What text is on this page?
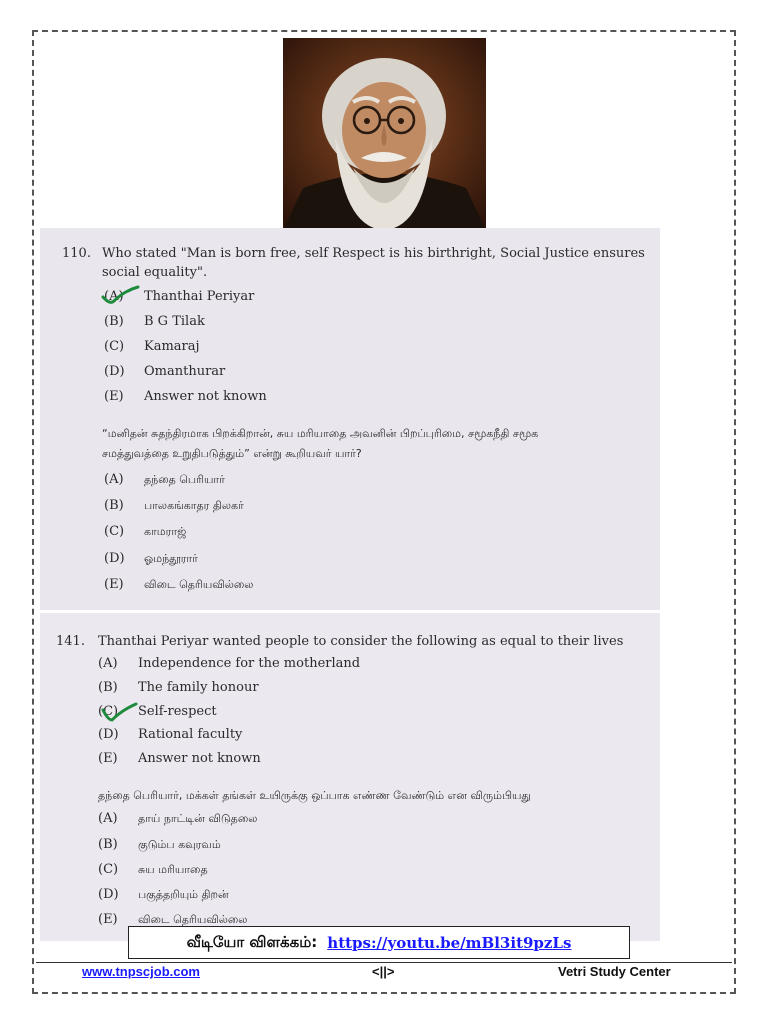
110. Who stated "Man is born free, self Respect is his birthright, Social Justice ensures
social equality".
(A) Thanthai Periyar
(B) B G Tilak
(C) Kamaraj
(D) Omanthurar
(E) Answer not known
“மனிதன் சுதந்திரமாக பிறக்கிறான், சுய மரியாதை அவனின் பிறப்புரிமை, சமூகநீதி சமூக
சமத்துவத்தை உறுதிபடுத்தும்” என்று கூறியவர் யார்?
(A) தந்தை பெரியார்
(B) பாலகங்காதர திலகர்
(C) காமராஜ்
(D) ஓமந்தூரார்
(E) விடை தெரியவில்லை
141. Thanthai Periyar wanted people to consider the following as equal to their lives
(A) Independence for the motherland
(B) The family honour
(C) Self-respect
(D) Rational faculty
(E) Answer not known
தந்தை பெரியார், மக்கள் தங்கள் உயிருக்கு ஒப்பாக எண்ண வேண்டும் என விரும்பியது
(A) தாய் நாட்டின் விடுதலை
(B) குடும்ப கவுரவம்
(C) சுய மரியாதை
(D) பகுத்தறியும் திறன்
(E) விடை தெரியவில்லை
வீடியோ விளக்கம்: https://youtu.be/mBl3it9pzLs
www.tnpscjob.com	<||>	Vetri Study Center
